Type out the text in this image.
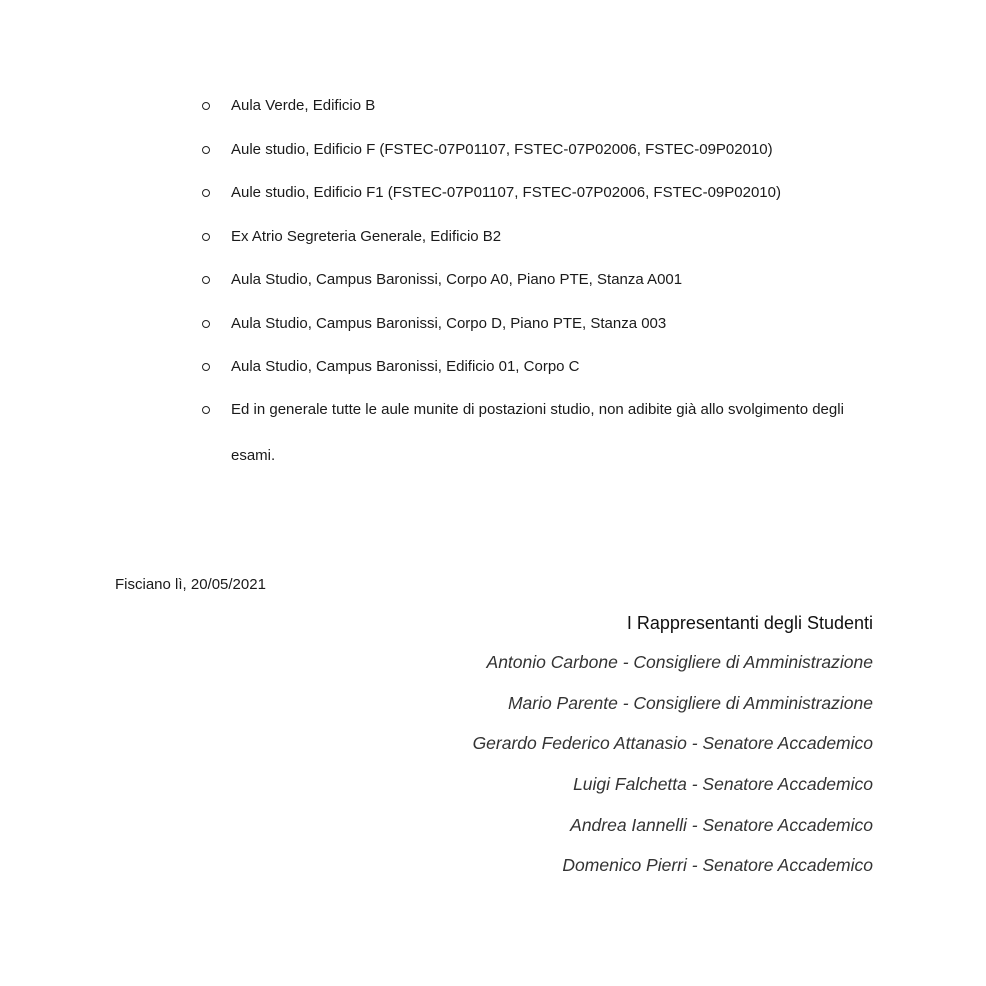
Aula Verde, Edificio B
Aule studio, Edificio F (FSTEC-07P01107, FSTEC-07P02006, FSTEC-09P02010)
Aule studio, Edificio F1 (FSTEC-07P01107, FSTEC-07P02006, FSTEC-09P02010)
Ex Atrio Segreteria Generale, Edificio B2
Aula Studio, Campus Baronissi, Corpo A0, Piano PTE, Stanza A001
Aula Studio, Campus Baronissi, Corpo D, Piano PTE, Stanza 003
Aula Studio, Campus Baronissi, Edificio 01, Corpo C
Ed in generale tutte le aule munite di postazioni studio, non adibite già allo svolgimento degli esami.
Fisciano lì, 20/05/2021
I Rappresentanti degli Studenti
Antonio Carbone - Consigliere di Amministrazione
Mario Parente - Consigliere di Amministrazione
Gerardo Federico Attanasio - Senatore Accademico
Luigi Falchetta - Senatore Accademico
Andrea Iannelli - Senatore Accademico
Domenico Pierri - Senatore Accademico
